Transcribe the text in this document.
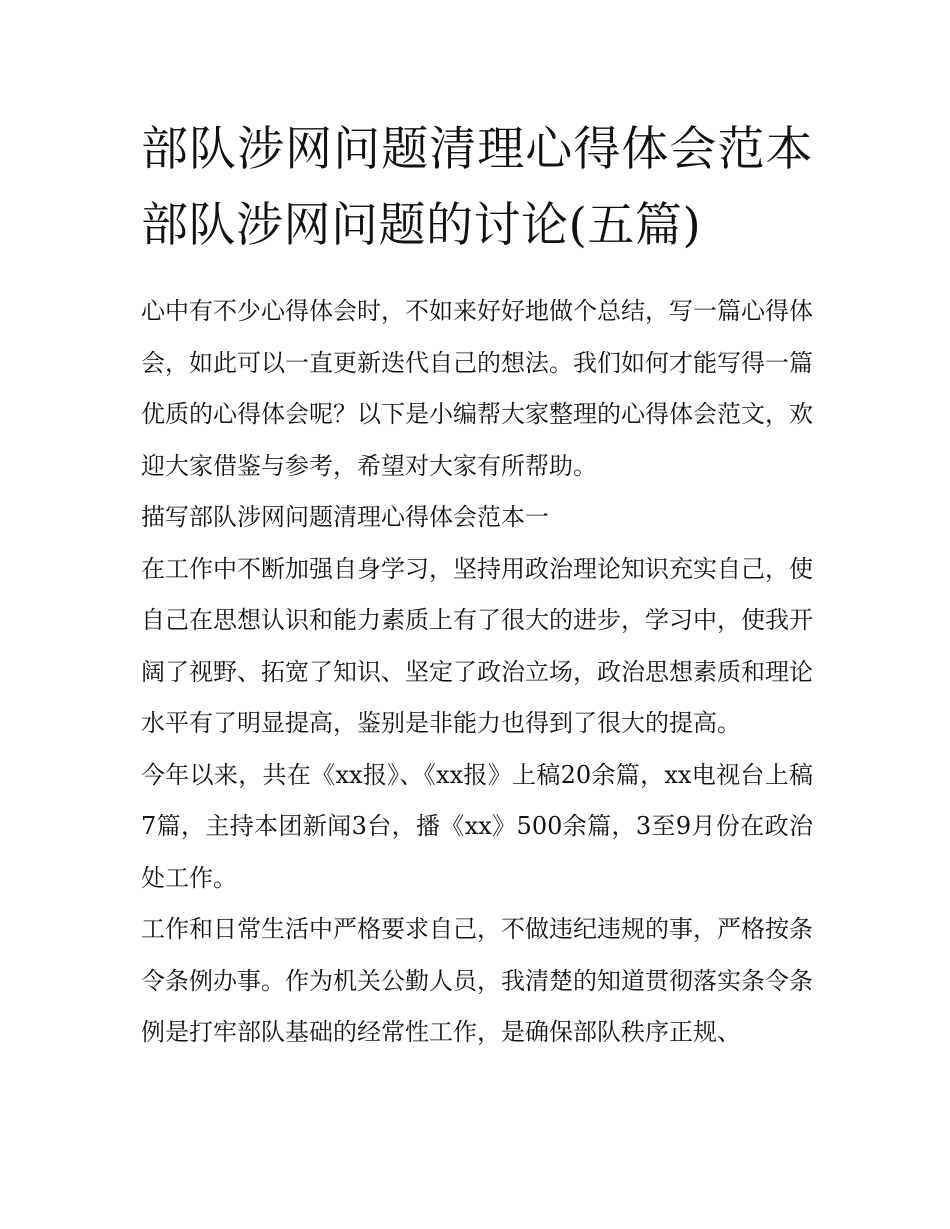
部队涉网问题清理心得体会范本 部队涉网问题的讨论(五篇)

心中有不少心得体会时，不如来好好地做个总结，写一篇心得体会，如此可以一直更新迭代自己的想法。我们如何才能写得一篇优质的心得体会呢？以下是小编帮大家整理的心得体会范文，欢迎大家借鉴与参考，希望对大家有所帮助。

描写部队涉网问题清理心得体会范本一

在工作中不断加强自身学习，坚持用政治理论知识充实自己，使自己在思想认识和能力素质上有了很大的进步，学习中，使我开阔了视野、拓宽了知识、坚定了政治立场，政治思想素质和理论水平有了明显提高，鉴别是非能力也得到了很大的提高。

今年以来，共在《xx报》、《xx报》上稿20余篇，xx电视台上稿7篇，主持本团新闻3台，播《xx》500余篇，3至9月份在政治处工作。

工作和日常生活中严格要求自己，不做违纪违规的事，严格按条令条例办事。作为机关公勤人员，我清楚的知道贯彻落实条令条例是打牢部队基础的经常性工作，是确保部队秩序正规、
